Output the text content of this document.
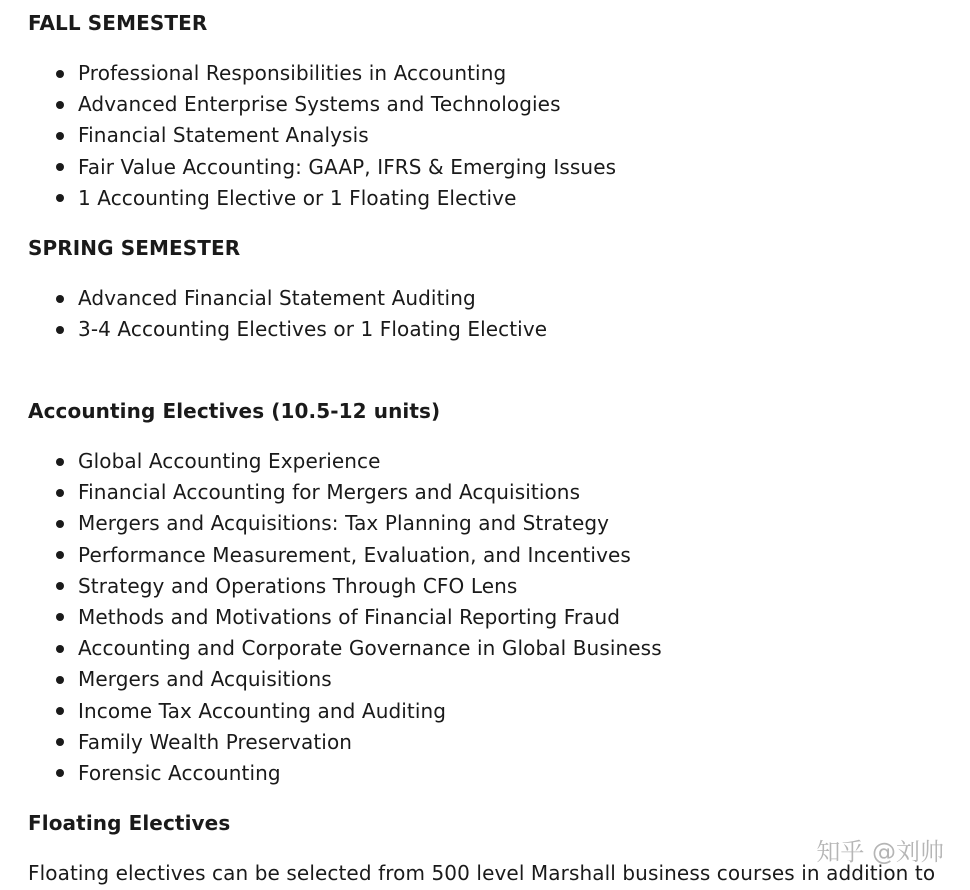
FALL SEMESTER
Professional Responsibilities in Accounting
Advanced Enterprise Systems and Technologies
Financial Statement Analysis
Fair Value Accounting: GAAP, IFRS & Emerging Issues
1 Accounting Elective or 1 Floating Elective
SPRING SEMESTER
Advanced Financial Statement Auditing
3-4 Accounting Electives or 1 Floating Elective
Accounting Electives (10.5-12 units)
Global Accounting Experience
Financial Accounting for Mergers and Acquisitions
Mergers and Acquisitions: Tax Planning and Strategy
Performance Measurement, Evaluation, and Incentives
Strategy and Operations Through CFO Lens
Methods and Motivations of Financial Reporting Fraud
Accounting and Corporate Governance in Global Business
Mergers and Acquisitions
Income Tax Accounting and Auditing
Family Wealth Preservation
Forensic Accounting
Floating Electives

Floating electives can be selected from 500 level Marshall business courses in addition to

知乎 @刘帅
